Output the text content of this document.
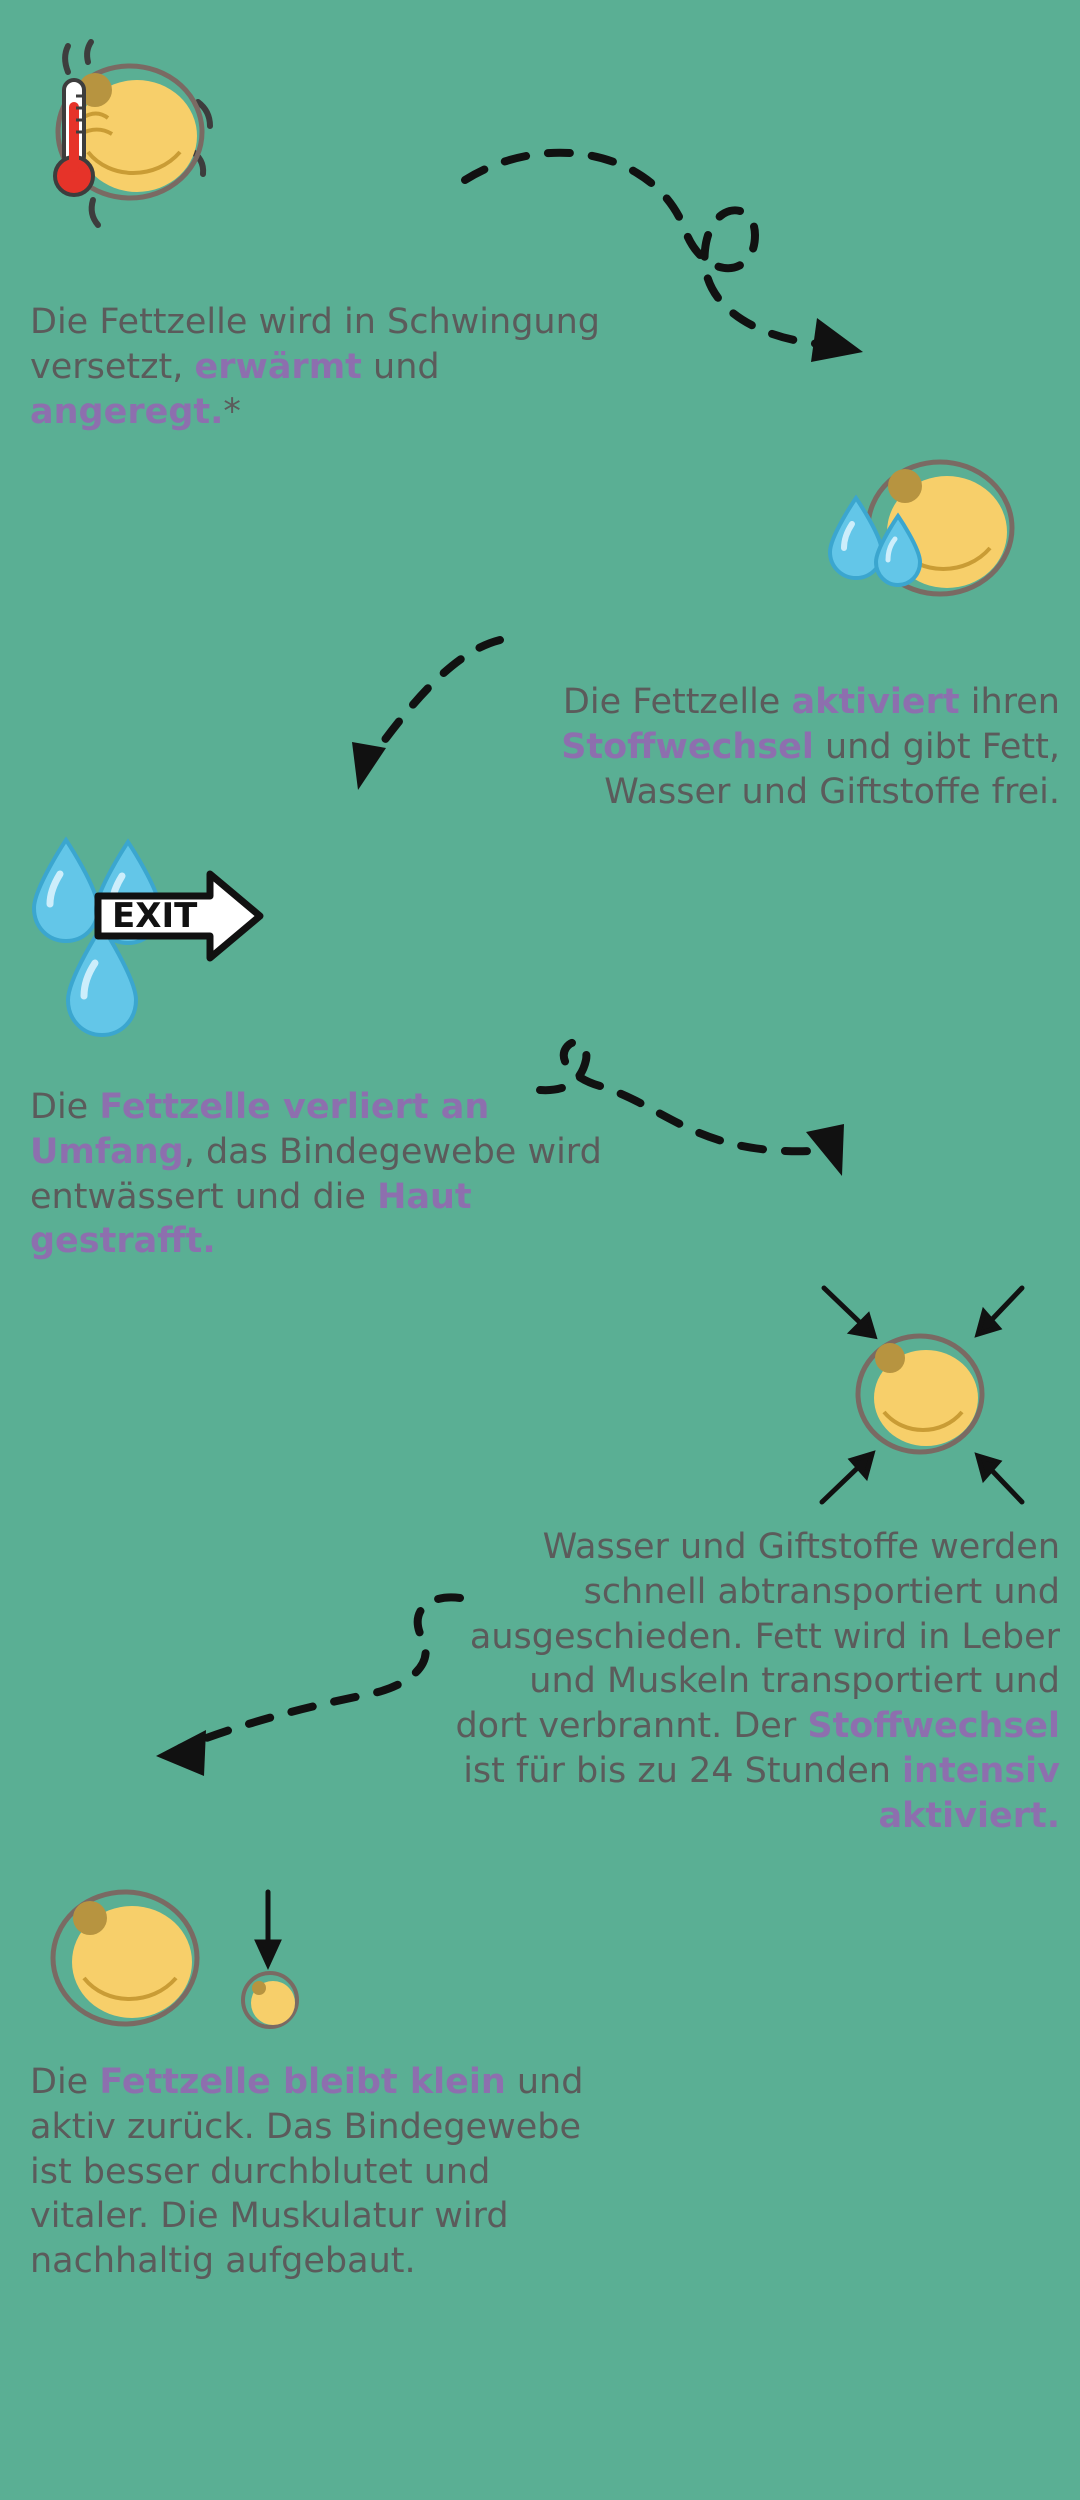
Die Fettzelle wird in Schwingung versetzt, erwärmt und angeregt.*
Die Fettzelle aktiviert ihren Stoffwechsel und gibt Fett, Wasser und Giftstoffe frei.
EXIT
Die Fettzelle verliert an Umfang, das Bindegewebe wird entwässert und die Haut gestrafft.
Wasser und Giftstoffe werden schnell abtransportiert und ausgeschieden. Fett wird in Leber und Muskeln transportiert und dort verbrannt. Der Stoffwechsel ist für bis zu 24 Stunden intensiv aktiviert.
Die Fettzelle bleibt klein und aktiv zurück. Das Bindegewebe ist besser durchblutet und vitaler. Die Muskulatur wird nachhaltig aufgebaut.
